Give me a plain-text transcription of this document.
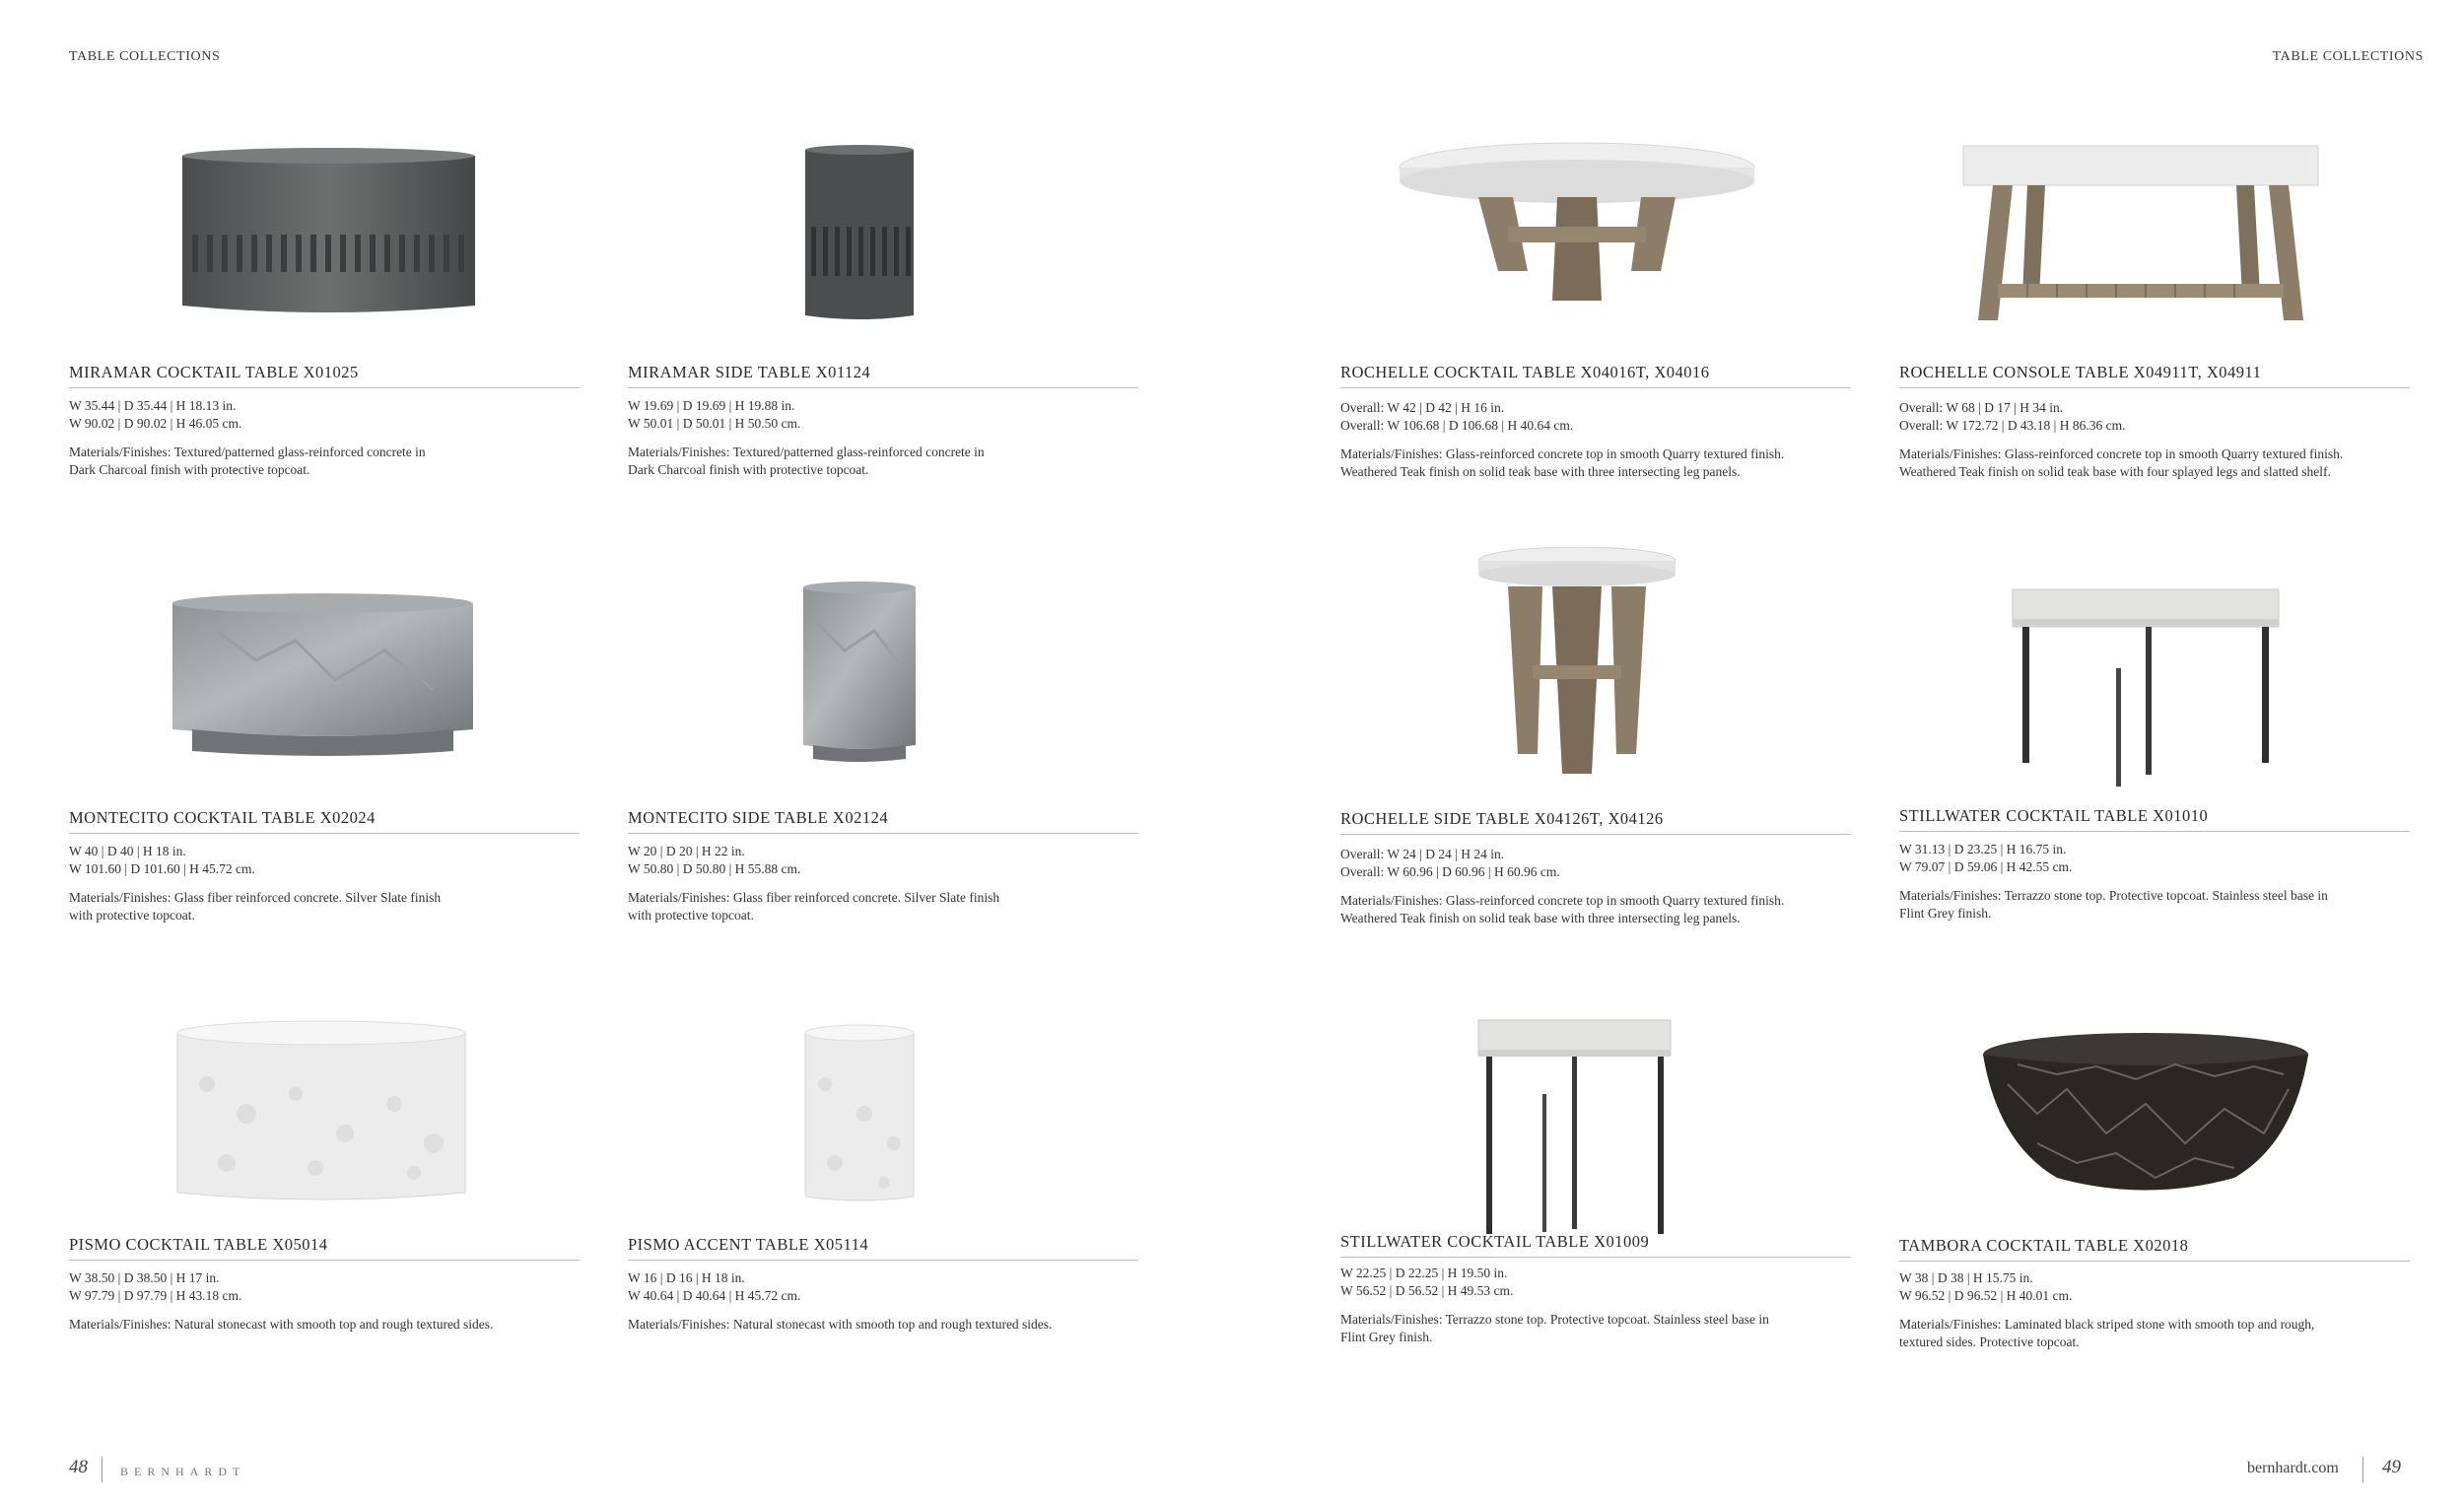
TABLE COLLECTIONS	TABLE COLLECTIONS
MIRAMAR COCKTAIL TABLE X01025
W 35.44 | D 35.44 | H 18.13 in.
W 90.02 | D 90.02 | H 46.05 cm.
Materials/Finishes: Textured/patterned glass-reinforced concrete in
Dark Charcoal finish with protective topcoat.
MIRAMAR SIDE TABLE X01124
W 19.69 | D 19.69 | H 19.88 in.
W 50.01 | D 50.01 | H 50.50 cm.
Materials/Finishes: Textured/patterned glass-reinforced concrete in
Dark Charcoal finish with protective topcoat.
ROCHELLE COCKTAIL TABLE X04016T, X04016
Overall: W 42 | D 42 | H 16 in.
Overall: W 106.68 | D 106.68 | H 40.64 cm.
Materials/Finishes: Glass-reinforced concrete top in smooth Quarry textured finish.
Weathered Teak finish on solid teak base with three intersecting leg panels.
ROCHELLE CONSOLE TABLE X04911T, X04911
Overall: W 68 | D 17 | H 34 in.
Overall: W 172.72 | D 43.18 | H 86.36 cm.
Materials/Finishes: Glass-reinforced concrete top in smooth Quarry textured finish.
Weathered Teak finish on solid teak base with four splayed legs and slatted shelf.
MONTECITO COCKTAIL TABLE X02024
W 40 | D 40 | H 18 in.
W 101.60 | D 101.60 | H 45.72 cm.
Materials/Finishes: Glass fiber reinforced concrete. Silver Slate finish
with protective topcoat.
MONTECITO SIDE TABLE X02124
W 20 | D 20 | H 22 in.
W 50.80 | D 50.80 | H 55.88 cm.
Materials/Finishes: Glass fiber reinforced concrete. Silver Slate finish
with protective topcoat.
ROCHELLE SIDE TABLE X04126T, X04126
Overall: W 24 | D 24 | H 24 in.
Overall: W 60.96 | D 60.96 | H 60.96 cm.
Materials/Finishes: Glass-reinforced concrete top in smooth Quarry textured finish.
Weathered Teak finish on solid teak base with three intersecting leg panels.
STILLWATER COCKTAIL TABLE X01010
W 31.13 | D 23.25 | H 16.75 in.
W 79.07 | D 59.06 | H 42.55 cm.
Materials/Finishes: Terrazzo stone top. Protective topcoat. Stainless steel base in
Flint Grey finish.
PISMO COCKTAIL TABLE X05014
W 38.50 | D 38.50 | H 17 in.
W 97.79 | D 97.79 | H 43.18 cm.
Materials/Finishes: Natural stonecast with smooth top and rough textured sides.
PISMO ACCENT TABLE X05114
W 16 | D 16 | H 18 in.
W 40.64 | D 40.64 | H 45.72 cm.
Materials/Finishes: Natural stonecast with smooth top and rough textured sides.
STILLWATER COCKTAIL TABLE X01009
W 22.25 | D 22.25 | H 19.50 in.
W 56.52 | D 56.52 | H 49.53 cm.
Materials/Finishes: Terrazzo stone top. Protective topcoat. Stainless steel base in
Flint Grey finish.
TAMBORA COCKTAIL TABLE X02018
W 38 | D 38 | H 15.75 in.
W 96.52 | D 96.52 | H 40.01 cm.
Materials/Finishes: Laminated black striped stone with smooth top and rough,
textured sides. Protective topcoat.
48	BERNHARDT	bernhardt.com 49
